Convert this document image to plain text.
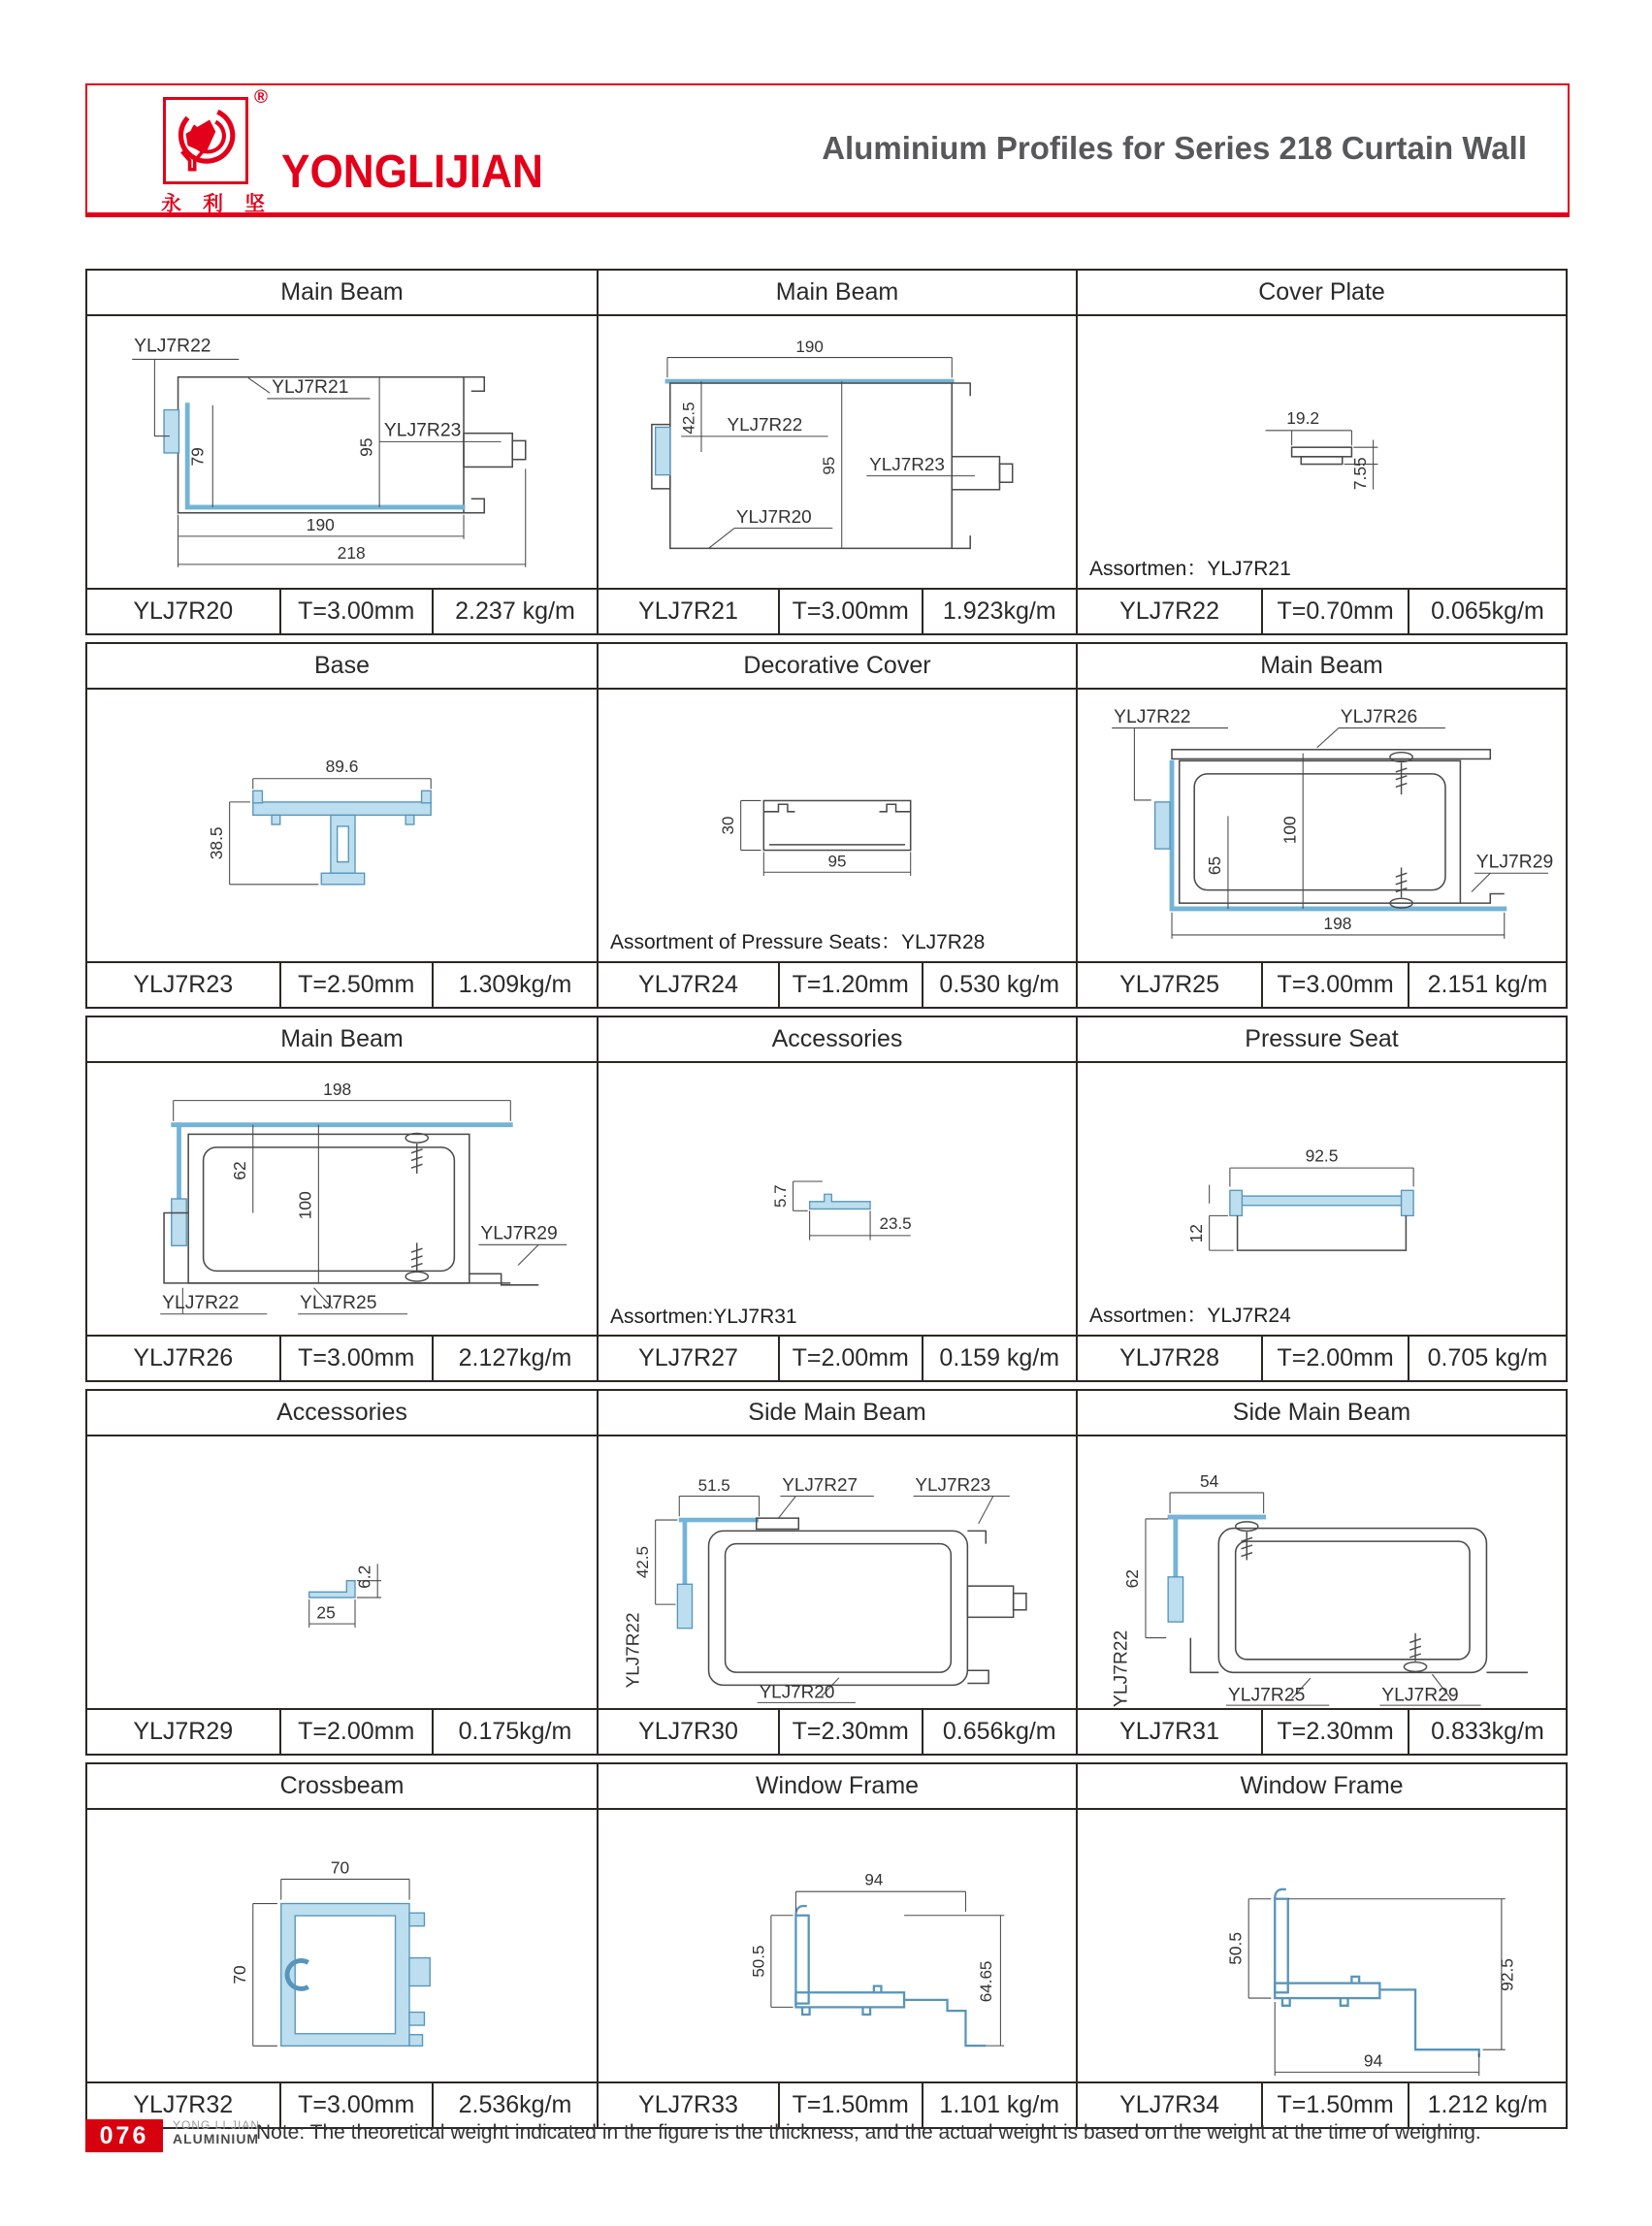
®
永利坚
YONGLIJIAN	Aluminium Profiles for Series 218 Curtain Wall
Main Beam
YLJ7R22
YLJ7R21
YLJ7R23
79	95
190
218
YLJ7R20	T=3.00mm	2.237 kg/m
Main Beam
190
42.5
95
YLJ7R22
YLJ7R20
YLJ7R23
YLJ7R21	T=3.00mm	1.923kg/m
Cover Plate
19.2
7.55
Assortmen：YLJ7R21
YLJ7R22	T=0.70mm	0.065kg/m
Base
89.6
38.5
YLJ7R23	T=2.50mm	1.309kg/m
Decorative Cover
30
95
Assortment of Pressure Seats：YLJ7R28
YLJ7R24	T=1.20mm	0.530 kg/m
Main Beam
YLJ7R22	YLJ7R26
YLJ7R29
100
65
198
YLJ7R25	T=3.00mm	2.151 kg/m
Main Beam
198
62
100
YLJ7R22	YLJ7R25
YLJ7R29
YLJ7R26	T=3.00mm	2.127kg/m
Accessories
5.7
23.5
Assortmen:YLJ7R31
YLJ7R27	T=2.00mm	0.159 kg/m
Pressure Seat
92.5
12
Assortmen：YLJ7R24
YLJ7R28	T=2.00mm	0.705 kg/m
Accessories
6.2
25
YLJ7R29	T=2.00mm	0.175kg/m
Side Main Beam
51.5
42.5
YLJ7R27	YLJ7R23
YLJ7R22
YLJ7R20
YLJ7R30	T=2.30mm	0.656kg/m
Side Main Beam
54
62
YLJ7R22	YLJ7R25	YLJ7R29
YLJ7R31	T=2.30mm	0.833kg/m
Crossbeam
70
70
YLJ7R32	T=3.00mm	2.536kg/m
Window Frame
94
50.5	64.65
YLJ7R33	T=1.50mm	1.101 kg/m
Window Frame
50.5
92.5
94
YLJ7R34	T=1.50mm	1.212 kg/m
076	YONG LI JIAN
ALUMINIUM
Note: The theoretical weight indicated in the figure is the thickness, and the actual weight is based on the weight at the time of weighing.
